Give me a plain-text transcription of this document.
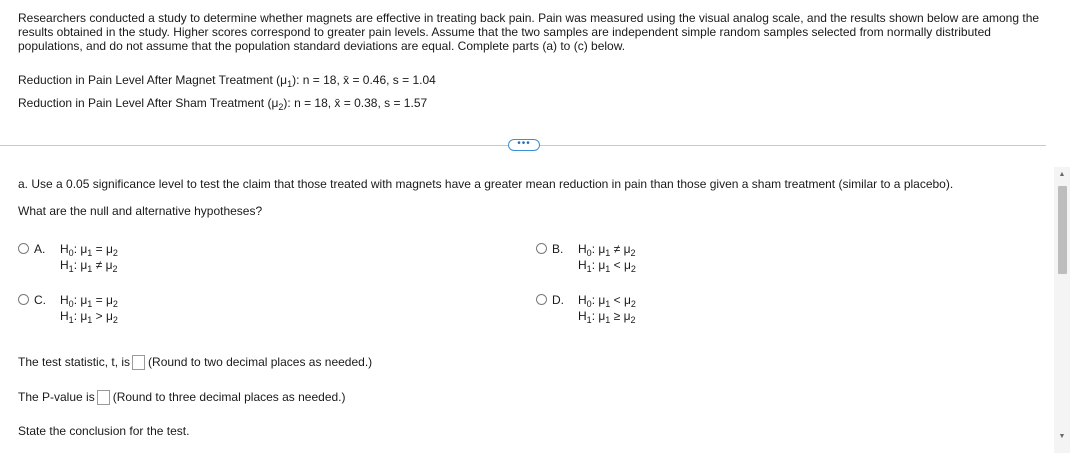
Researchers conducted a study to determine whether magnets are effective in treating back pain. Pain was measured using the visual analog scale, and the results shown below are among the results obtained in the study. Higher scores correspond to greater pain levels. Assume that the two samples are independent simple random samples selected from normally distributed populations, and do not assume that the population standard deviations are equal. Complete parts (a) to (c) below.
Reduction in Pain Level After Magnet Treatment $(\mu_1)$: n = 18, x̄ = 0.46, s = 1.04
Reduction in Pain Level After Sham Treatment $(\mu_2)$: n = 18, x̄ = 0.38, s = 1.57
•••
a. Use a 0.05 significance level to test the claim that those treated with magnets have a greater mean reduction in pain than those given a sham treatment (similar to a placebo).
What are the null and alternative hypotheses?
A. $H_0$: $\mu_1 = \mu_2$
$H_1$: $\mu_1 \ne \mu_2$
B. $H_0$: $\mu_1 \ne \mu_2$
$H_1$: $\mu_1 < \mu_2$
C. $H_0$: $\mu_1 = \mu_2$
$H_1$: $\mu_1 > \mu_2$
D. $H_0$: $\mu_1 < \mu_2$
$H_1$: $\mu_1 \ge \mu_2$
The test statistic, t, is (Round to two decimal places as needed.)
The P-value is (Round to three decimal places as needed.)
State the conclusion for the test.
▲
▼
